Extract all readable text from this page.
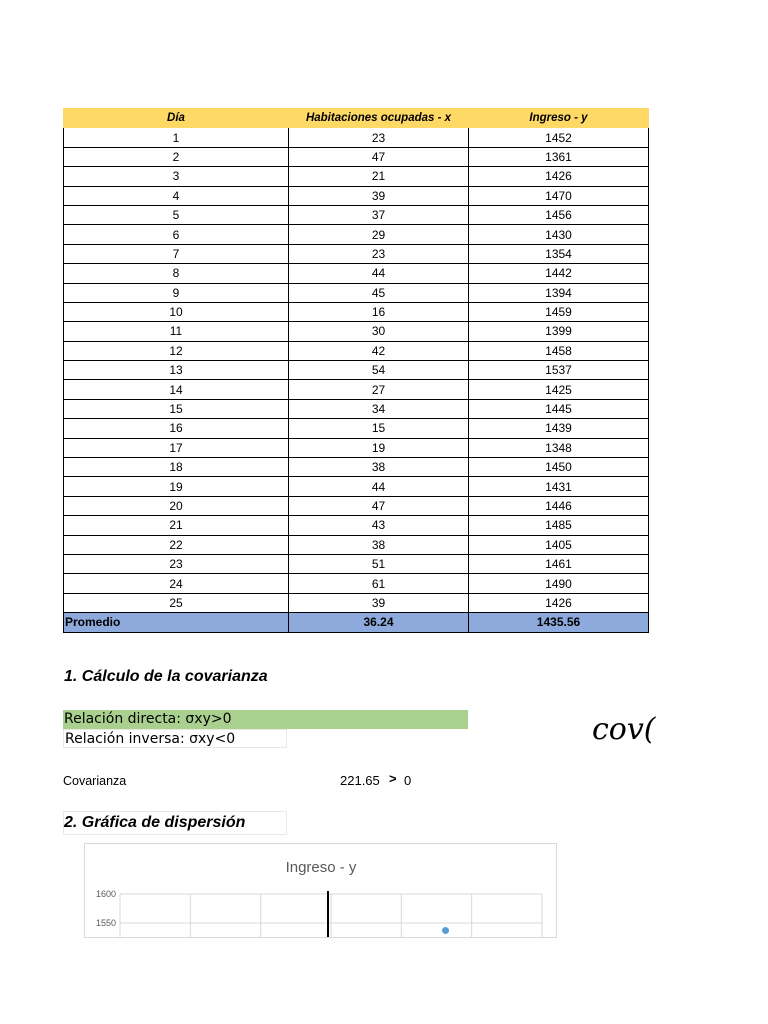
Día	Habitaciones ocupadas - x	Ingreso - y
1	23	1452
2	47	1361
3	21	1426
4	39	1470
5	37	1456
6	29	1430
7	23	1354
8	44	1442
9	45	1394
10	16	1459
11	30	1399
12	42	1458
13	54	1537
14	27	1425
15	34	1445
16	15	1439
17	19	1348
18	38	1450
19	44	1431
20	47	1446
21	43	1485
22	38	1405
23	51	1461
24	61	1490
25	39	1426
Promedio	36.24	1435.56
1. Cálculo de la covarianza
Relación directa: σxy>0
Relación inversa: σxy<0	cov(
Covarianza	221.65 > 0
2. Gráfica de dispersión
Ingreso - y
1600
1550
